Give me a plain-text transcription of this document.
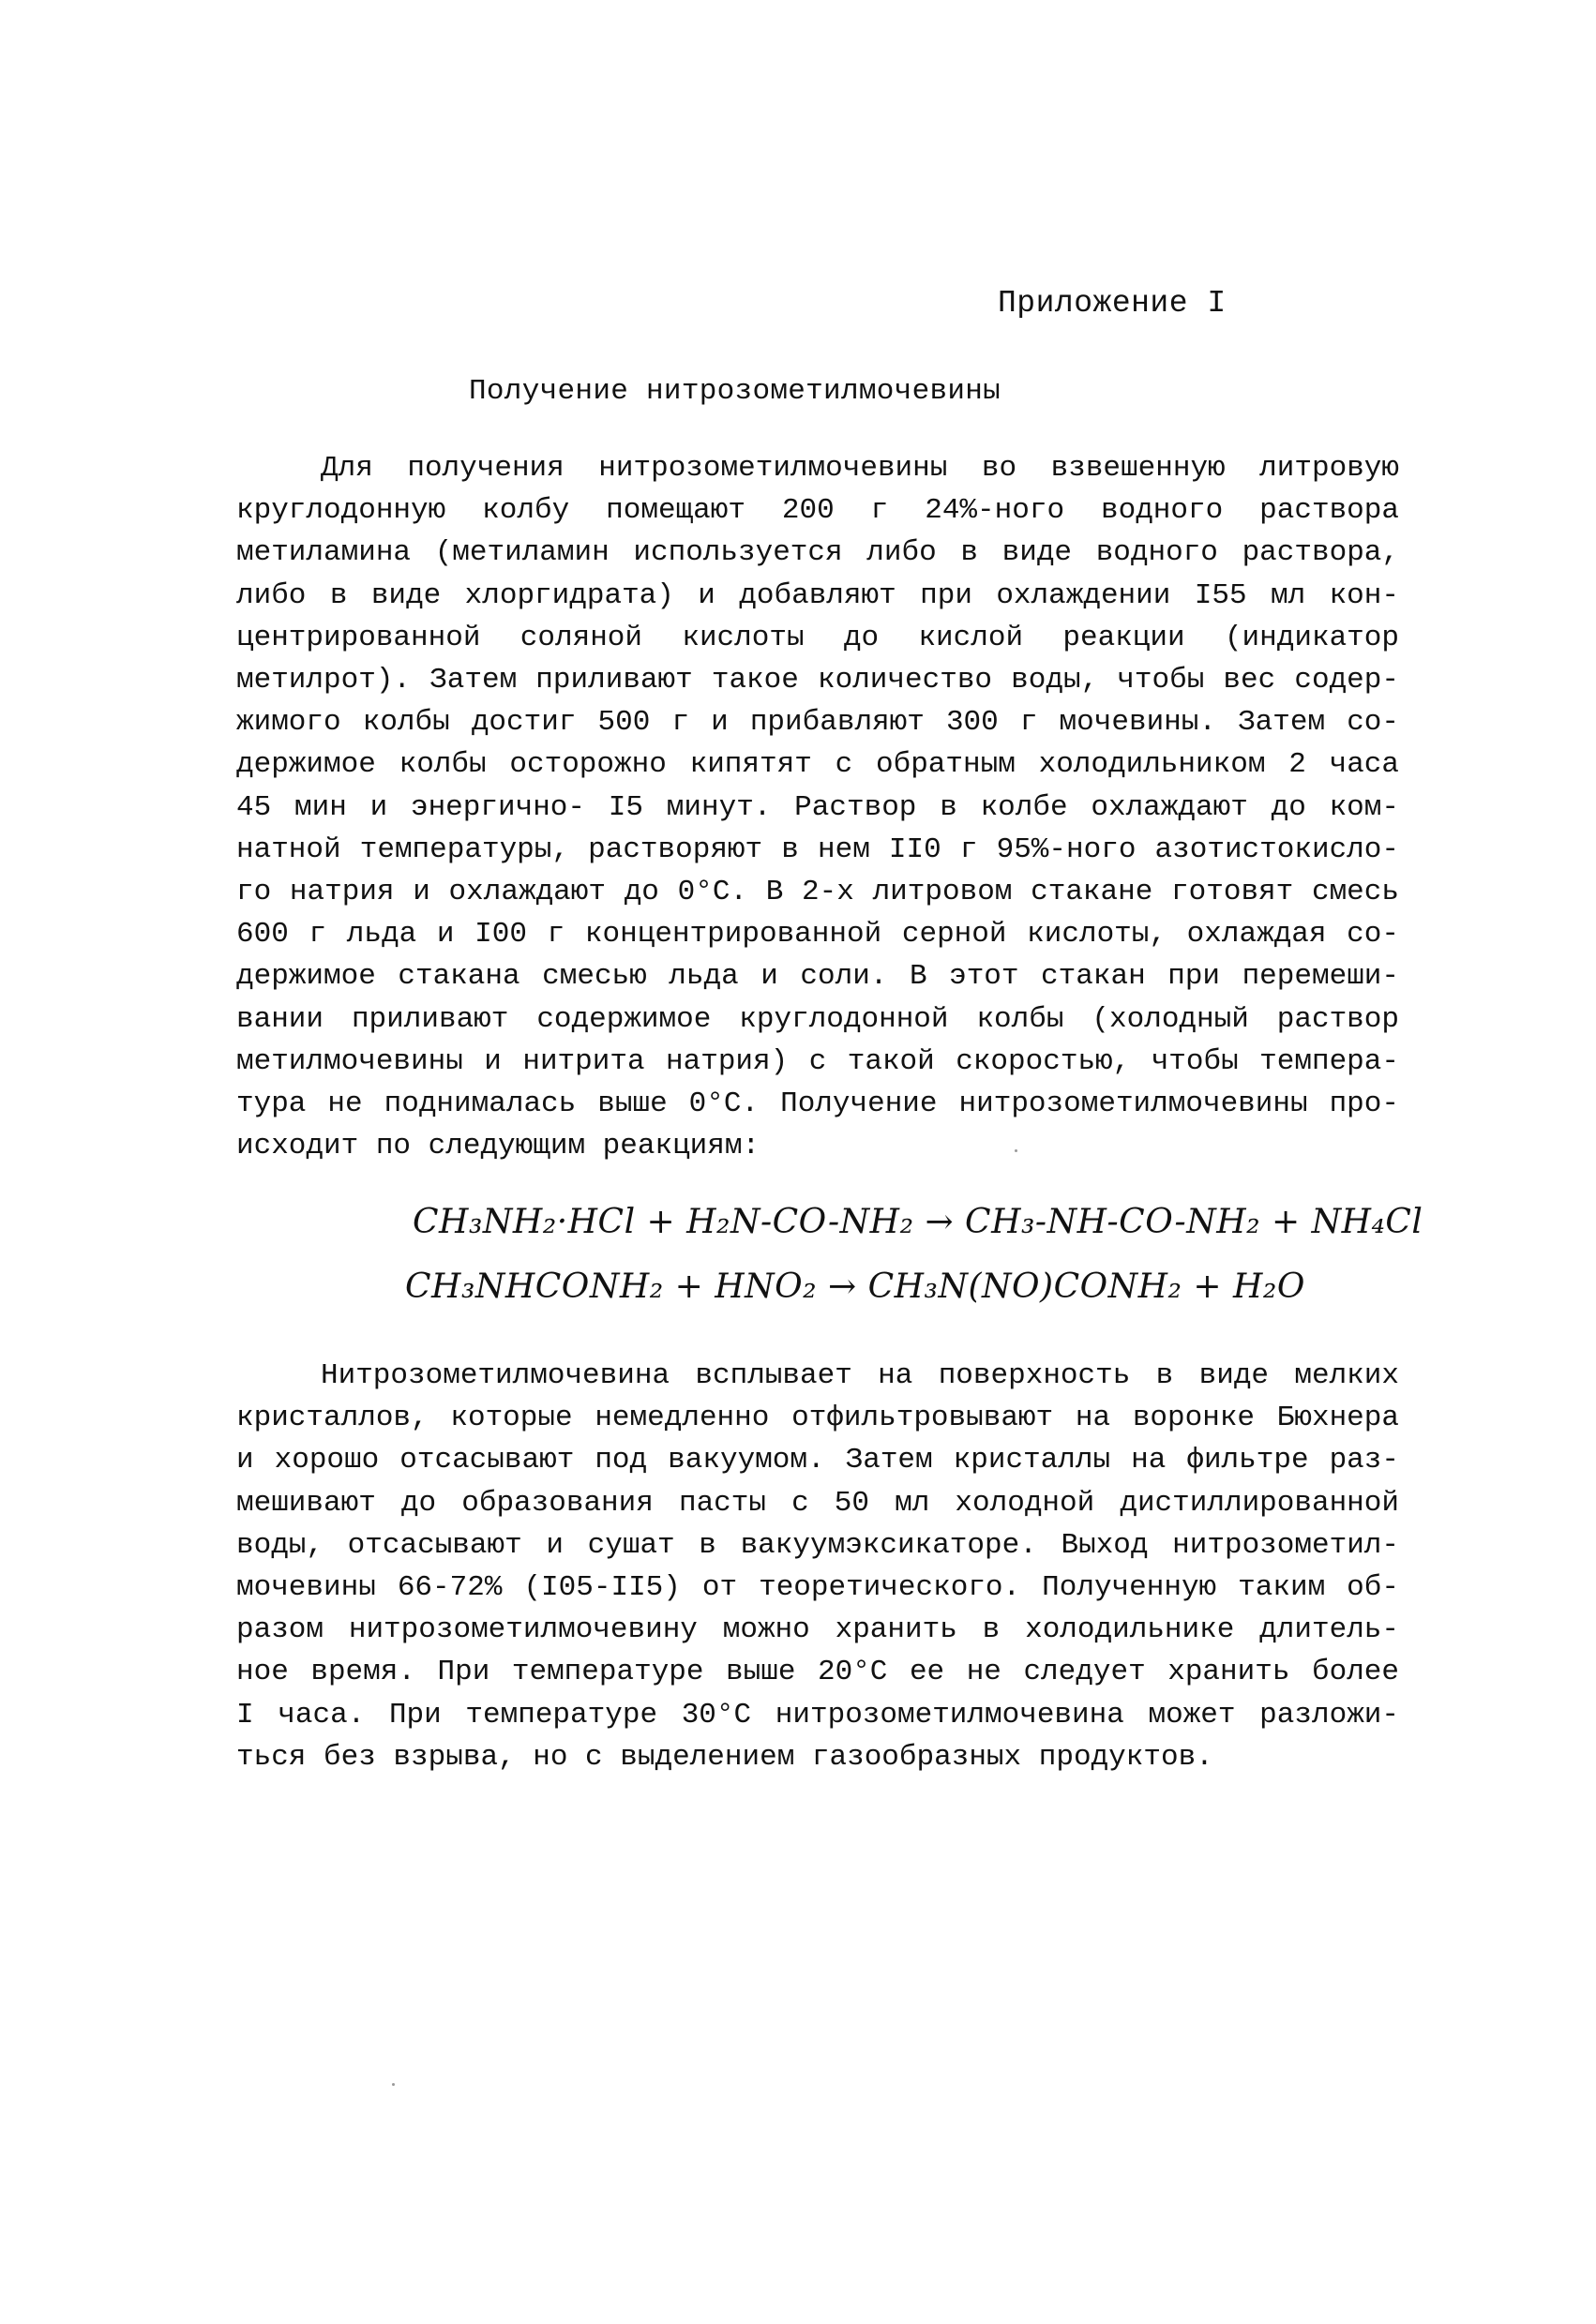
Приложение I
Получение нитрозометилмочевины
Для получения нитрозометилмочевины во взвешенную литровую
круглодонную колбу помещают 200 г 24%-ного водного раствора
метиламина (метиламин используется либо в виде водного раствора,
либо в виде хлоргидрата) и добавляют при охлаждении I55 мл кон-
центрированной соляной кислоты до кислой реакции (индикатор
метилрот). Затем приливают такое количество воды, чтобы вес содер-
жимого колбы достиг 500 г и прибавляют 300 г мочевины. Затем со-
держимое колбы осторожно кипятят с обратным холодильником 2 часа
45 мин и энергично- I5 минут. Раствор в колбе охлаждают до ком-
натной температуры, растворяют в нем II0 г 95%-ного азотистокисло-
го натрия и охлаждают до 0°С. В 2-х литровом стакане готовят смесь
600 г льда и I00 г концентрированной серной кислоты, охлаждая со-
держимое стакана смесью льда и соли. В этот стакан при перемеши-
вании приливают содержимое круглодонной колбы (холодный раствор
метилмочевины и нитрита натрия) с такой скоростью, чтобы темпера-
тура не поднималась выше 0°С. Получение нитрозометилмочевины про-
исходит по следующим реакциям:
CH₃NH₂·HCl + H₂N-CO-NH₂ → CH₃-NH-CO-NH₂ + NH₄Cl
CH₃NHCONH₂ + HNO₂ → CH₃N(NO)CONH₂ + H₂O
Нитрозометилмочевина всплывает на поверхность в виде мелких
кристаллов, которые немедленно отфильтровывают на воронке Бюхнера
и хорошо отсасывают под вакуумом. Затем кристаллы на фильтре раз-
мешивают до образования пасты с 50 мл холодной дистиллированной
воды, отсасывают и сушат в вакуумэксикаторе. Выход нитрозометил-
мочевины 66-72% (I05-II5) от теоретического. Полученную таким об-
разом нитрозометилмочевину можно хранить в холодильнике длитель-
ное время. При температуре выше 20°С ее не следует хранить более
I часа. При температуре 30°С нитрозометилмочевина может разложи-
ться без взрыва, но с выделением газообразных продуктов.
